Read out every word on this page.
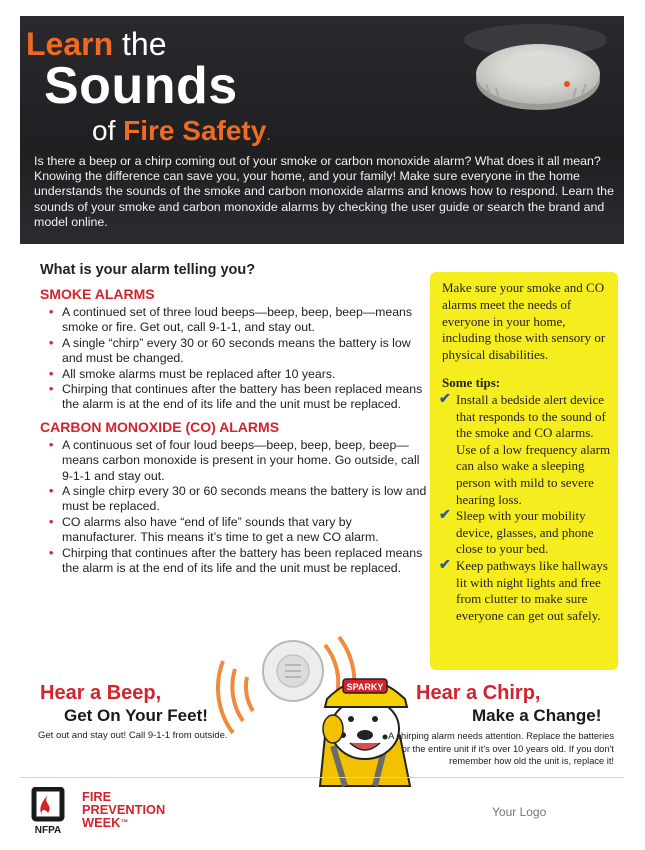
Learn the
Sounds
of Fire Safety.
Is there a beep or a chirp coming out of your smoke or carbon monoxide alarm? What does it all mean? Knowing the difference can save you, your home, and your family! Make sure everyone in the home understands the sounds of the smoke and carbon monoxide alarms and knows how to respond. Learn the sounds of your smoke and carbon monoxide alarms by checking the user guide or search the brand and model online.
What is your alarm telling you?
SMOKE ALARMS
• A continued set of three loud beeps—beep, beep, beep—means smoke or fire. Get out, call 9-1-1, and stay out.
• A single “chirp” every 30 or 60 seconds means the battery is low and must be changed.
• All smoke alarms must be replaced after 10 years.
• Chirping that continues after the battery has been replaced means the alarm is at the end of its life and the unit must be replaced.
CARBON MONOXIDE (CO) ALARMS
• A continuous set of four loud beeps—beep, beep, beep, beep—means carbon monoxide is present in your home. Go outside, call 9-1-1 and stay out.
• A single chirp every 30 or 60 seconds means the battery is low and must be replaced.
• CO alarms also have “end of life” sounds that vary by manufacturer. This means it’s time to get a new CO alarm.
• Chirping that continues after the battery has been replaced means the alarm is at the end of its life and the unit must be replaced.
Make sure your smoke and CO alarms meet the needs of everyone in your home, including those with sensory or physical disabilities.
Some tips:
✔ Install a bedside alert device that responds to the sound of the smoke and CO alarms. Use of a low frequency alarm can also wake a sleeping person with mild to severe hearing loss.
✔ Sleep with your mobility device, glasses, and phone close to your bed.
✔ Keep pathways like hallways lit with night lights and free from clutter to make sure everyone can get out safely.
SPARKY
Hear a Beep,
Get On Your Feet!
Get out and stay out! Call 9-1-1 from outside.
Hear a Chirp,
Make a Change!
A chirping alarm needs attention. Replace the batteries or the entire unit if it's over 10 years old. If you don't remember how old the unit is, replace it!
NFPA
FIRE
PREVENTION
WEEK™
Your Logo
